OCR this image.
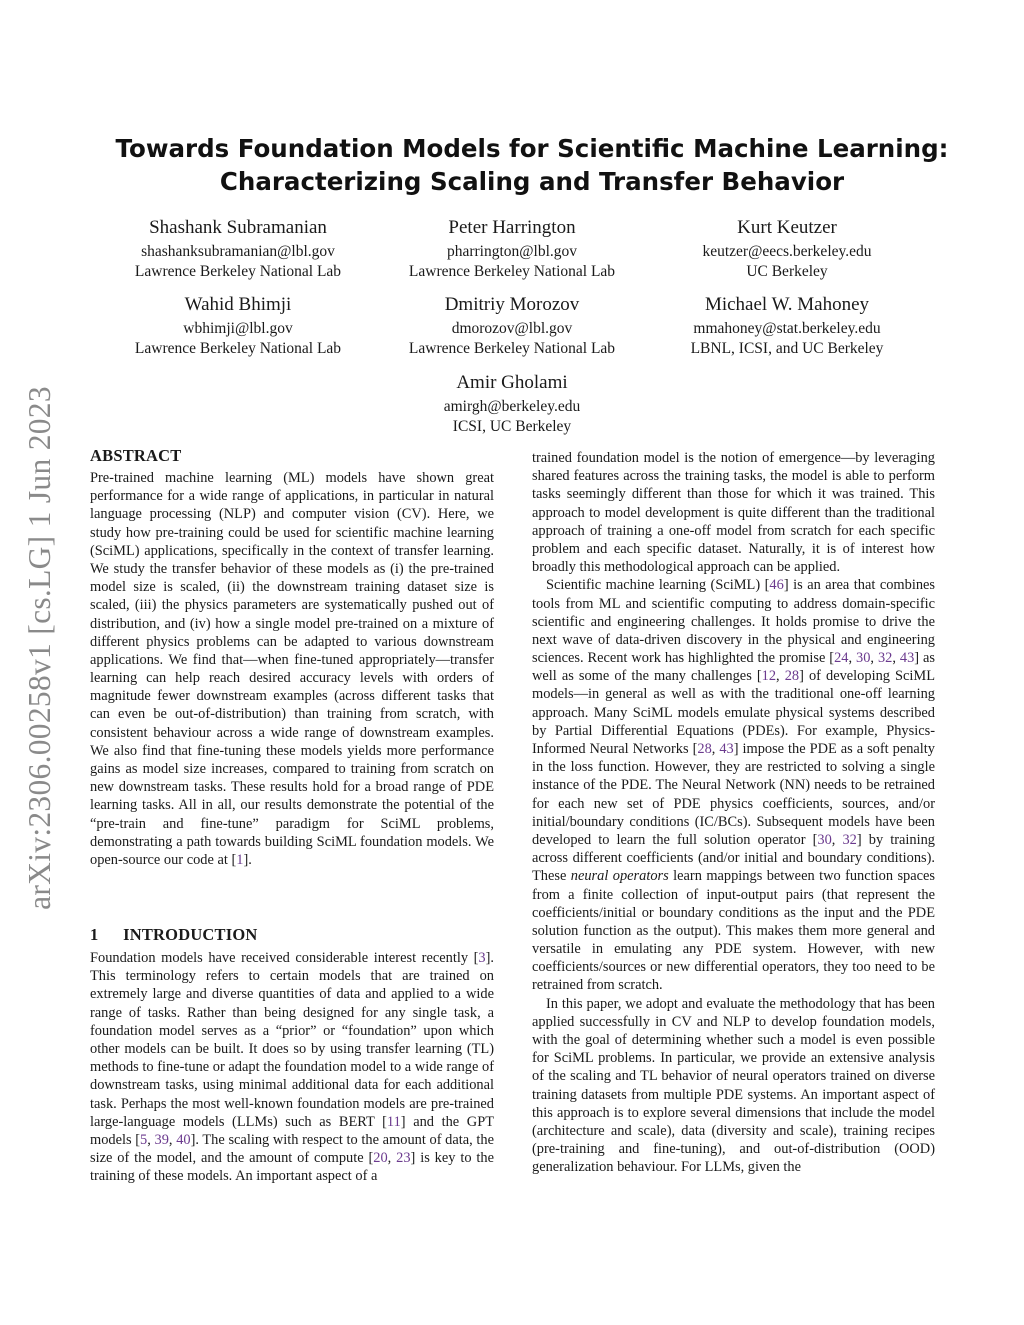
arXiv:2306.00258v1 [cs.LG] 1 Jun 2023
Towards Foundation Models for Scientific Machine Learning:
Characterizing Scaling and Transfer Behavior
Shashank Subramanian
shashanksubramanian@lbl.gov
Lawrence Berkeley National Lab
Peter Harrington
pharrington@lbl.gov
Lawrence Berkeley National Lab
Kurt Keutzer
keutzer@eecs.berkeley.edu
UC Berkeley
Wahid Bhimji
wbhimji@lbl.gov
Lawrence Berkeley National Lab
Dmitriy Morozov
dmorozov@lbl.gov
Lawrence Berkeley National Lab
Michael W. Mahoney
mmahoney@stat.berkeley.edu
LBNL, ICSI, and UC Berkeley
Amir Gholami
amirgh@berkeley.edu
ICSI, UC Berkeley
ABSTRACT

Pre-trained machine learning (ML) models have shown great performance for a wide range of applications, in particular in natural language processing (NLP) and computer vision (CV). Here, we study how pre-training could be used for scientific machine learning (SciML) applications, specifically in the context of transfer learning. We study the transfer behavior of these models as (i) the pre-trained model size is scaled, (ii) the downstream training dataset size is scaled, (iii) the physics parameters are systematically pushed out of distribution, and (iv) how a single model pre-trained on a mixture of different physics problems can be adapted to various downstream applications. We find that—when fine-tuned appropriately—transfer learning can help reach desired accuracy levels with orders of magnitude fewer downstream examples (across different tasks that can even be out-of-distribution) than training from scratch, with consistent behaviour across a wide range of downstream examples. We also find that fine-tuning these models yields more performance gains as model size increases, compared to training from scratch on new downstream tasks. These results hold for a broad range of PDE learning tasks. All in all, our results demonstrate the potential of the “pre-train and fine-tune” paradigm for SciML problems, demonstrating a path towards building SciML foundation models. We open-source our code at [1].

1 INTRODUCTION

Foundation models have received considerable interest recently [3]. This terminology refers to certain models that are trained on extremely large and diverse quantities of data and applied to a wide range of tasks. Rather than being designed for any single task, a foundation model serves as a “prior” or “foundation” upon which other models can be built. It does so by using transfer learning (TL) methods to fine-tune or adapt the foundation model to a wide range of downstream tasks, using minimal additional data for each additional task. Perhaps the most well-known foundation models are pre-trained large-language models (LLMs) such as BERT [11] and the GPT models [5, 39, 40]. The scaling with respect to the amount of data, the size of the model, and the amount of compute [20, 23] is key to the training of these models. An important aspect of a

trained foundation model is the notion of emergence—by leveraging shared features across the training tasks, the model is able to perform tasks seemingly different than those for which it was trained. This approach to model development is quite different than the traditional approach of training a one-off model from scratch for each specific problem and each specific dataset. Naturally, it is of interest how broadly this methodological approach can be applied.

Scientific machine learning (SciML) [46] is an area that combines tools from ML and scientific computing to address domain-specific scientific and engineering challenges. It holds promise to drive the next wave of data-driven discovery in the physical and engineering sciences. Recent work has highlighted the promise [24, 30, 32, 43] as well as some of the many challenges [12, 28] of developing SciML models—in general as well as with the traditional one-off learning approach. Many SciML models emulate physical systems described by Partial Differential Equations (PDEs). For example, Physics-Informed Neural Networks [28, 43] impose the PDE as a soft penalty in the loss function. However, they are restricted to solving a single instance of the PDE. The Neural Network (NN) needs to be retrained for each new set of PDE physics coefficients, sources, and/or initial/boundary conditions (IC/BCs). Subsequent models have been developed to learn the full solution operator [30, 32] by training across different coefficients (and/or initial and boundary conditions). These neural operators learn mappings between two function spaces from a finite collection of input-output pairs (that represent the coefficients/initial or boundary conditions as the input and the PDE solution function as the output). This makes them more general and versatile in emulating any PDE system. However, with new coefficients/sources or new differential operators, they too need to be retrained from scratch.

In this paper, we adopt and evaluate the methodology that has been applied successfully in CV and NLP to develop foundation models, with the goal of determining whether such a model is even possible for SciML problems. In particular, we provide an extensive analysis of the scaling and TL behavior of neural operators trained on diverse training datasets from multiple PDE systems. An important aspect of this approach is to explore several dimensions that include the model (architecture and scale), data (diversity and scale), training recipes (pre-training and fine-tuning), and out-of-distribution (OOD) generalization behaviour. For LLMs, given the
